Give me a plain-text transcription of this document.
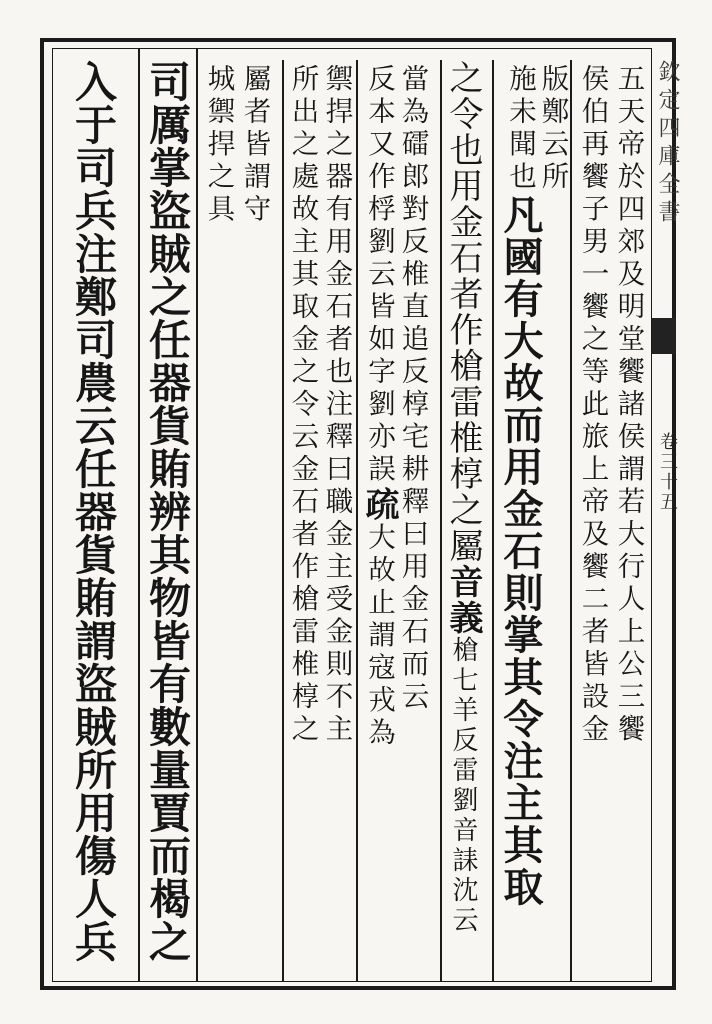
入于司兵注鄭司農云任器貨賄謂盜賊所用傷人兵 司厲掌盜賊之任器貨賄辨其物皆有數量賈而楬之 城禦捍之具 屬者皆謂守 所出之處故主其取金之令云金石者作槍雷椎椁之 禦捍之器有用金石者也注釋曰職金主受金則不主 反本又作桴劉云皆如字劉亦誤疏大故止謂寇戎為
當為礌郎對反椎直追反椁宅耕釋曰用金石而云
之令也用金石者作槍雷椎椁之屬音義槍七羊反雷劉音誄沈云
施未聞也凡國有大故而用金石則掌其令注主其取
版鄭云所 侯伯再饗子男一饗之等此旅上帝及饗二者皆設金 五天帝於四郊及明堂饗諸侯謂若大行人上公三饗 欽定四庫全書
卷三十五
